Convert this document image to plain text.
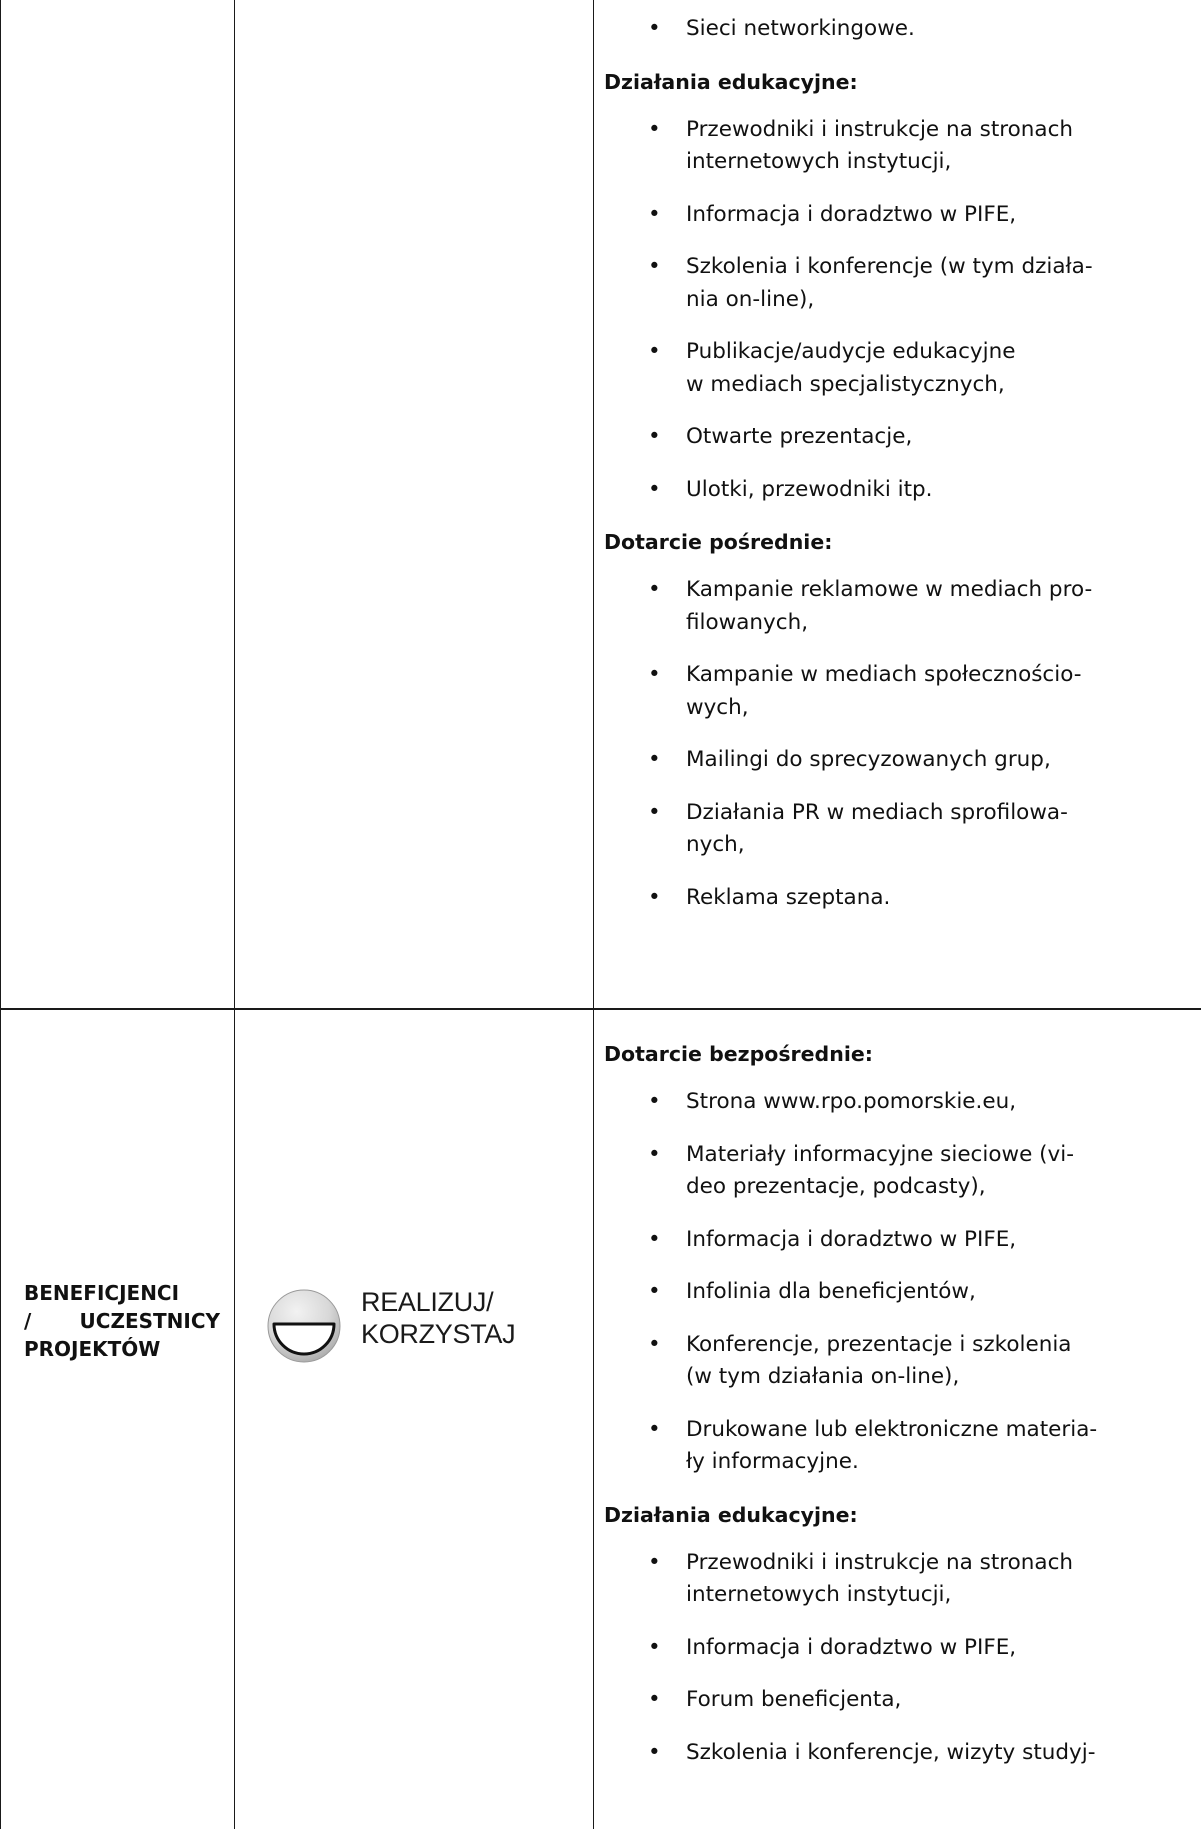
• Sieci networkingowe.

Działania edukacyjne:

• Przewodniki i instrukcje na stronach
internetowych instytucji,
• Informacja i doradztwo w PIFE,
• Szkolenia i konferencje (w tym działa-
nia on-line),
• Publikacje/audycje edukacyjne
w mediach specjalistycznych,
• Otwarte prezentacje,
• Ulotki, przewodniki itp.

Dotarcie pośrednie:

• Kampanie reklamowe w mediach pro-
filowanych,
• Kampanie w mediach społecznościo-
wych,
• Mailingi do sprecyzowanych grup,
• Działania PR w mediach sprofilowa-
nych,
• Reklama szeptana.
BENEFICJENCI
/ UCZESTNICY
PROJEKTÓW
REALIZUJ/
KORZYSTAJ

Dotarcie bezpośrednie:

• Strona www.rpo.pomorskie.eu,
• Materiały informacyjne sieciowe (vi-
deo prezentacje, podcasty),
• Informacja i doradztwo w PIFE,
• Infolinia dla beneficjentów,
• Konferencje, prezentacje i szkolenia
(w tym działania on-line),
• Drukowane lub elektroniczne materia-
ły informacyjne.

Działania edukacyjne:

• Przewodniki i instrukcje na stronach
internetowych instytucji,
• Informacja i doradztwo w PIFE,
• Forum beneficjenta,
• Szkolenia i konferencje, wizyty studyj-
